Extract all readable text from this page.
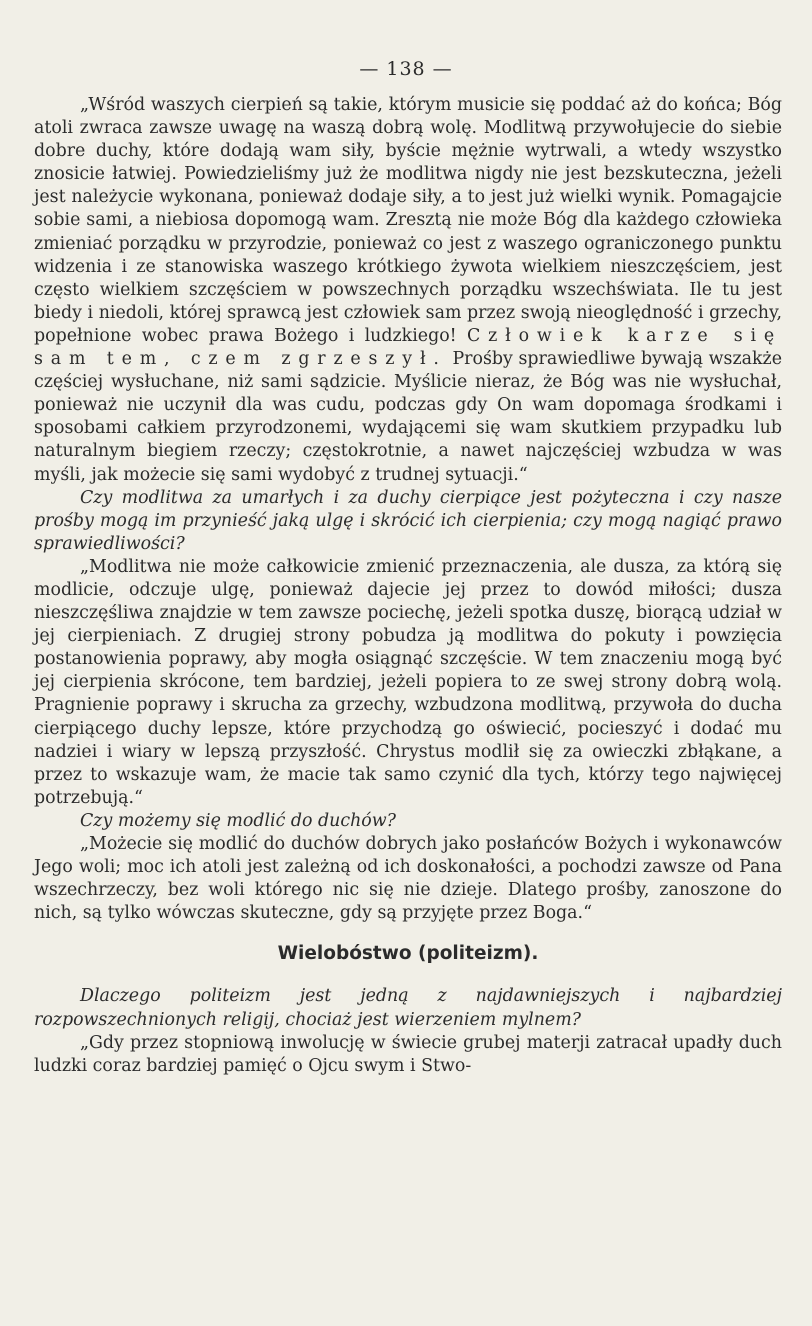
— 138 —

„Wśród waszych cierpień są takie, którym musicie się poddać aż do końca; Bóg atoli zwraca zawsze uwagę na waszą dobrą wolę. Modlitwą przywołujecie do siebie dobre duchy, które dodają wam siły, byście mężnie wytrwali, a wtedy wszystko znosicie łatwiej. Powiedzieliśmy już że modlitwa nigdy nie jest bezskuteczna, jeżeli jest należycie wykonana, ponieważ dodaje siły, a to jest już wielki wynik. Pomagajcie sobie sami, a niebiosa dopomogą wam. Zresztą nie może Bóg dla każdego człowieka zmieniać porządku w przyrodzie, ponieważ co jest z waszego ograniczonego punktu widzenia i ze stanowiska waszego krótkiego żywota wielkiem nieszczęściem, jest często wielkiem szczęściem w powszechnych porządku wszechświata. Ile tu jest biedy i niedoli, której sprawcą jest człowiek sam przez swoją nieoględność i grzechy, popełnione wobec prawa Bożego i ludzkiego! Człowiek karze się sam tem, czem zgrzeszył. Prośby sprawiedliwe bywają wszakże częściej wysłuchane, niż sami sądzicie. Myślicie nieraz, że Bóg was nie wysłuchał, ponieważ nie uczynił dla was cudu, podczas gdy On wam dopomaga środkami i sposobami całkiem przyrodzonemi, wydającemi się wam skutkiem przypadku lub naturalnym biegiem rzeczy; częstokrotnie, a nawet najczęściej wzbudza w was myśli, jak możecie się sami wydobyć z trudnej sytuacji.“

Czy modlitwa za umarłych i za duchy cierpiące jest pożyteczna i czy nasze prośby mogą im przynieść jaką ulgę i skrócić ich cierpienia; czy mogą nagiąć prawo sprawiedliwości?

„Modlitwa nie może całkowicie zmienić przeznaczenia, ale dusza, za którą się modlicie, odczuje ulgę, ponieważ dajecie jej przez to dowód miłości; dusza nieszczęśliwa znajdzie w tem zawsze pociechę, jeżeli spotka duszę, biorącą udział w jej cierpieniach. Z drugiej strony pobudza ją modlitwa do pokuty i powzięcia postanowienia poprawy, aby mogła osiągnąć szczęście. W tem znaczeniu mogą być jej cierpienia skrócone, tem bardziej, jeżeli popiera to ze swej strony dobrą wolą. Pragnienie poprawy i skrucha za grzechy, wzbudzona modlitwą, przywoła do ducha cierpiącego duchy lepsze, które przychodzą go oświecić, pocieszyć i dodać mu nadziei i wiary w lepszą przyszłość. Chrystus modlił się za owieczki zbłąkane, a przez to wskazuje wam, że macie tak samo czynić dla tych, którzy tego najwięcej potrzebują.“

Czy możemy się modlić do duchów?

„Możecie się modlić do duchów dobrych jako posłańców Bożych i wykonawców Jego woli; moc ich atoli jest zależną od ich doskonałości, a pochodzi zawsze od Pana wszechrzeczy, bez woli którego nic się nie dzieje. Dlatego prośby, zanoszone do nich, są tylko wówczas skuteczne, gdy są przyjęte przez Boga.“

Wielobóstwo (politeizm).

Dlaczego politeizm jest jedną z najdawniejszych i najbardziej rozpowszechnionych religij, chociaż jest wierzeniem mylnem?

„Gdy przez stopniową inwolucję w świecie grubej materji zatracał upadły duch ludzki coraz bardziej pamięć o Ojcu swym i Stwo-
